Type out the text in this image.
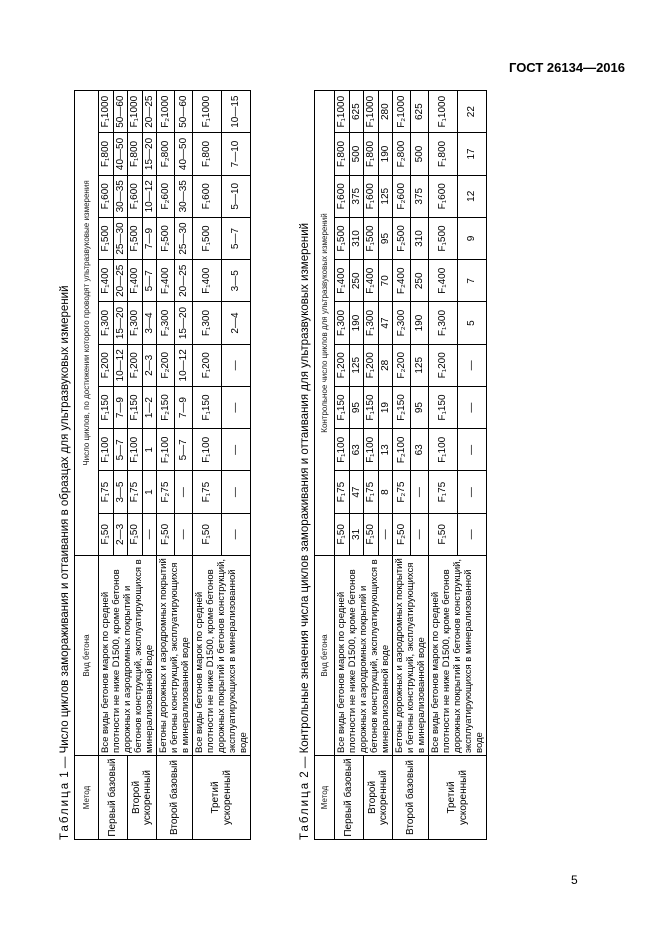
ГОСТ 26134—2016
Таблица 1 — Число циклов замораживания и оттаивания в образцах для ультразвуковых измерений
Метод	Вид бетона	Число циклов, по достижении которого проводят ультразвуковые измерения										
Первый базовый	Все виды бетонов марок по средней плотности не ниже D1500, кроме бетонов дорожных и аэродромных покрытий и бетонов конструкций, эксплуатирующихся в минерализованной воде	F₁50	F₁75	F₁100	F₁150	F₁200	F₁300	F₁400	F₁500	F₁600	F₁800	F₁1000
		2—3	3—5	5—7	7—9	10—12	15—20	20—25	25—30	30—35	40—50	50—60
Второй ускоренный		F₁50	F₁75	F₁100	F₁150	F₁200	F₁300	F₁400	F₁500	F₁600	F₁800	F₁1000
		—	1	1	1—2	2—3	3—4	5—7	7—9	10—12	15—20	20—25
Второй базовый	Бетоны дорожных и аэродромных покрытий и бетоны конструкций, эксплуатирующихся в минерализованной воде	F₂50	F₂75	F₂100	F₂150	F₂200	F₂300	F₂400	F₂500	F₂600	F₂800	F₂1000
		—	—	5—7	7—9	10—12	15—20	20—25	25—30	30—35	40—50	50—60
Третий ускоренный	Все виды бетонов марок по средней плотности не ниже D1500, кроме бетонов дорожных покрытий и бетонов конструкций, эксплуатирующихся в минерализованной воде	F₁50	F₁75	F₁100	F₁150	F₁200	F₁300	F₁400	F₁500	F₁600	F₁800	F₁1000
		—	—	—	—	—	2—4	3—5	5—7	5—10	7—10	10—15
Таблица 2 — Контрольные значения числа циклов замораживания и оттаивания для ультразвуковых измерений
Метод	Вид бетона	Контрольное число циклов для ультразвуковых измерений										
Первый базовый	Все виды бетонов марок по средней плотности не ниже D1500, кроме бетонов дорожных и аэродромных покрытий и бетонов конструкций, эксплуатирующихся в минерализованной воде	F₁50	F₁75	F₁100	F₁150	F₁200	F₁300	F₁400	F₁500	F₁600	F₁800	F₁1000
		31	47	63	95	125	190	250	310	375	500	625
Второй ускоренный		F₁50	F₁75	F₁100	F₁150	F₁200	F₁300	F₁400	F₁500	F₁600	F₁800	F₁1000
		—	8	13	19	28	47	70	95	125	190	280
Второй базовый	Бетоны дорожных и аэродромных покрытий и бетоны конструкций, эксплуатирующихся в минерализованной воде	F₂50	F₂75	F₂100	F₂150	F₂200	F₂300	F₂400	F₂500	F₂600	F₂800	F₂1000
		—	—	63	95	125	190	250	310	375	500	625
Третий ускоренный	Все виды бетонов марок по средней плотности не ниже D1500, кроме бетонов дорожных покрытий и бетонов конструкций, эксплуатирующихся в минерализованной воде	F₁50	F₁75	F₁100	F₁150	F₁200	F₁300	F₁400	F₁500	F₁600	F₁800	F₁1000
		—	—	—	—	—	5	7	9	12	17	22
5
